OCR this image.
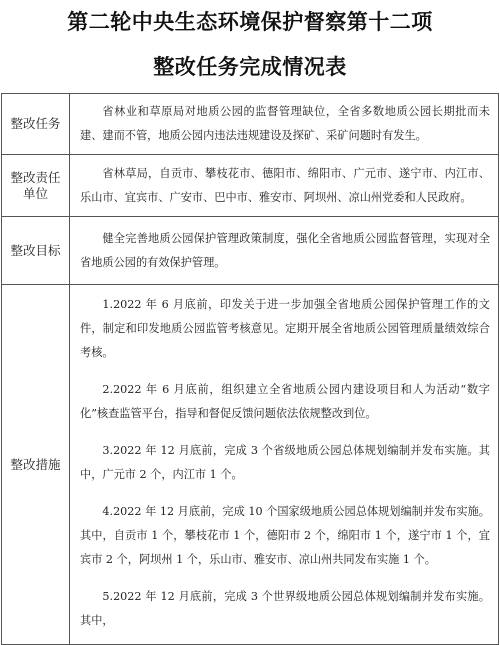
第二轮中央生态环境保护督察第十二项
整改任务完成情况表
整改任务	省林业和草原局对地质公园的监督管理缺位，全省多数地质公园长期批而未建、建而不管，地质公园内违法违规建设及探矿、采矿问题时有发生。

整改责任单位	省林草局，自贡市、攀枝花市、德阳市、绵阳市、广元市、遂宁市、内江市、乐山市、宜宾市、广安市、巴中市、雅安市、阿坝州、凉山州党委和人民政府。

整改目标	健全完善地质公园保护管理政策制度，强化全省地质公园监督管理，实现对全省地质公园的有效保护管理。

整改措施	1.2022 年 6 月底前，印发关于进一步加强全省地质公园保护管理工作的文件，制定和印发地质公园监管考核意见。定期开展全省地质公园管理质量绩效综合考核。

2.2022 年 6 月底前，组织建立全省地质公园内建设项目和人为活动“数字化”核查监管平台，指导和督促反馈问题依法依规整改到位。

3.2022 年 12 月底前，完成 3 个省级地质公园总体规划编制并发布实施。其中，广元市 2 个，内江市 1 个。

4.2022 年 12 月底前，完成 10 个国家级地质公园总体规划编制并发布实施。其中，自贡市 1 个，攀枝花市 1 个，德阳市 2 个，绵阳市 1 个，遂宁市 1 个，宜宾市 2 个，阿坝州 1 个，乐山市、雅安市、凉山州共同发布实施 1 个。

5.2022 年 12 月底前，完成 3 个世界级地质公园总体规划编制并发布实施。其中，
